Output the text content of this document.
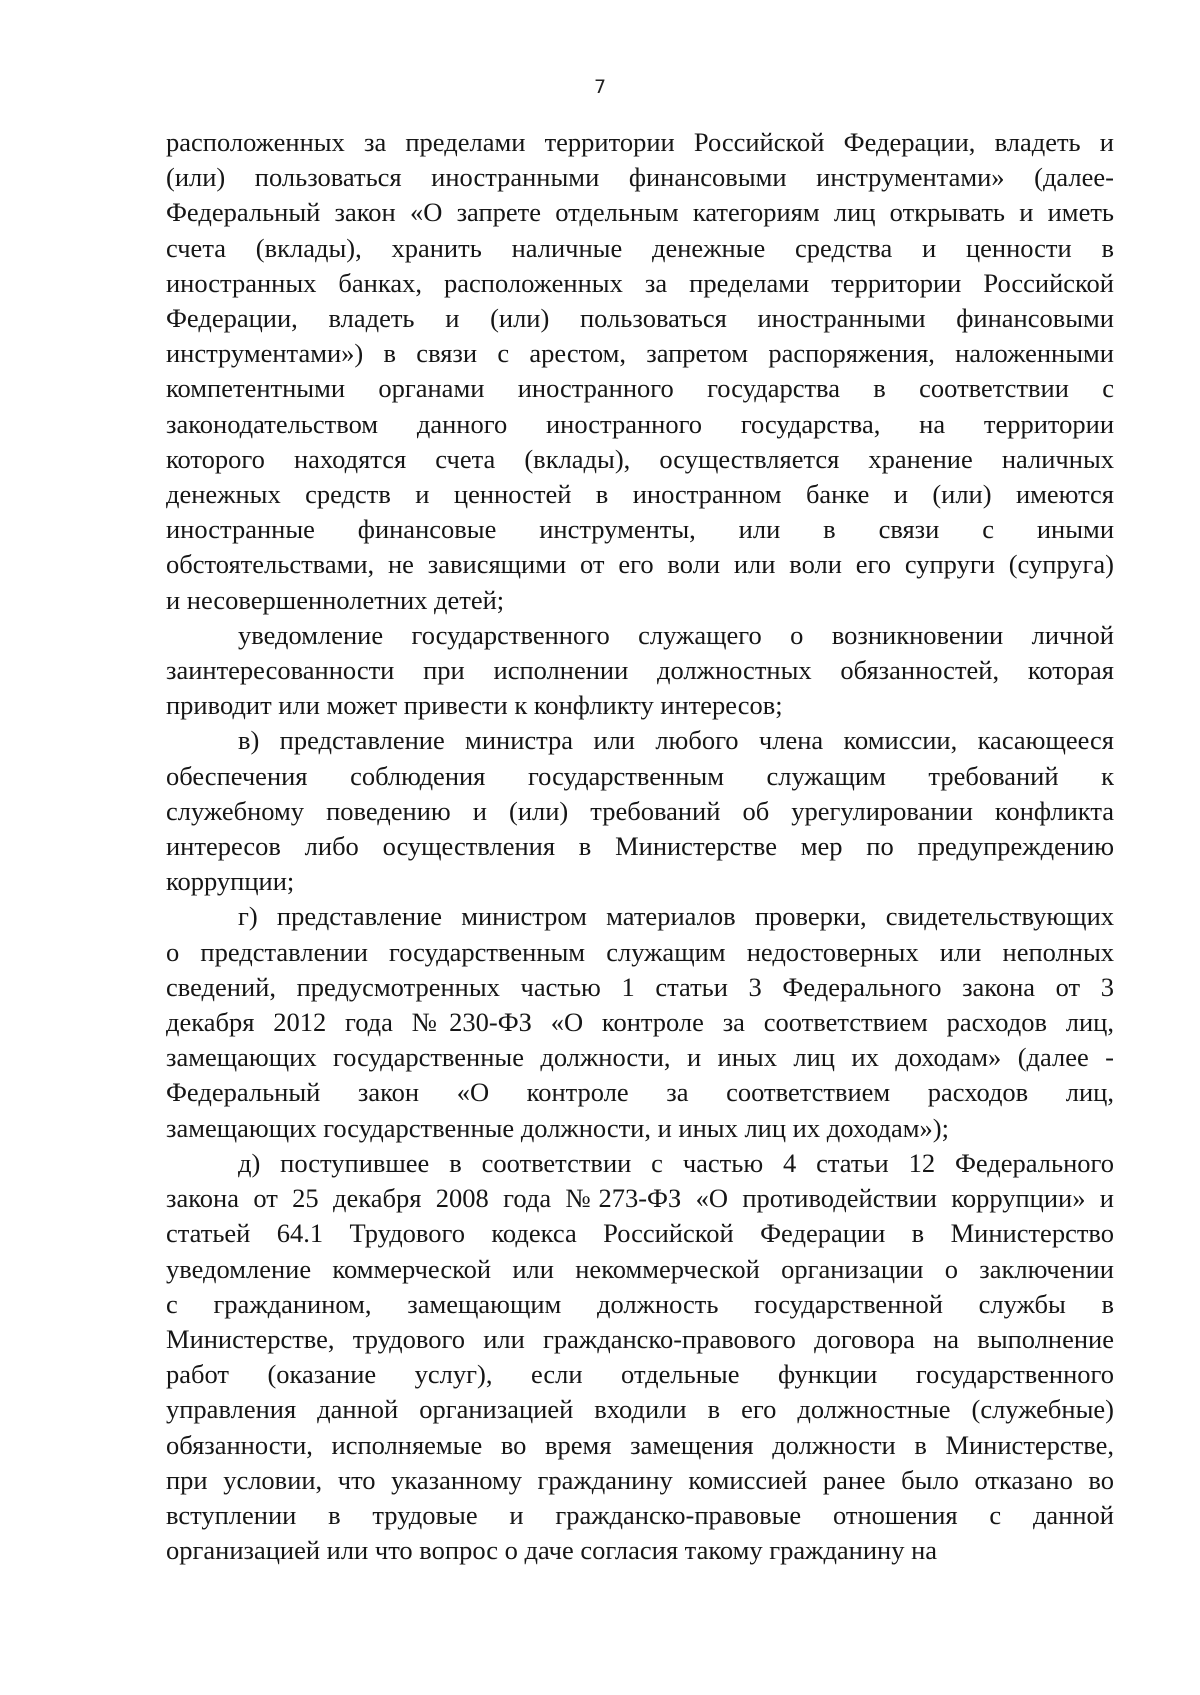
7
расположенных за пределами территории Российской Федерации, владеть и
(или) пользоваться иностранными финансовыми инструментами» (далее-
Федеральный закон «О запрете отдельным категориям лиц открывать и иметь
счета (вклады), хранить наличные денежные средства и ценности в
иностранных банках, расположенных за пределами территории Российской
Федерации, владеть и (или) пользоваться иностранными финансовыми
инструментами») в связи с арестом, запретом распоряжения, наложенными
компетентными органами иностранного государства в соответствии с
законодательством данного иностранного государства, на территории
которого находятся счета (вклады), осуществляется хранение наличных
денежных средств и ценностей в иностранном банке и (или) имеются
иностранные финансовые инструменты, или в связи с иными
обстоятельствами, не зависящими от его воли или воли его супруги (супруга)
и несовершеннолетних детей;
уведомление государственного служащего о возникновении личной
заинтересованности при исполнении должностных обязанностей, которая
приводит или может привести к конфликту интересов;
в) представление министра или любого члена комиссии, касающееся
обеспечения соблюдения государственным служащим требований к
служебному поведению и (или) требований об урегулировании конфликта
интересов либо осуществления в Министерстве мер по предупреждению
коррупции;
г) представление министром материалов проверки, свидетельствующих
о представлении государственным служащим недостоверных или неполных
сведений, предусмотренных частью 1 статьи 3 Федерального закона от 3
декабря 2012 года №230-ФЗ «О контроле за соответствием расходов лиц,
замещающих государственные должности, и иных лиц их доходам» (далее -
Федеральный закон «О контроле за соответствием расходов лиц,
замещающих государственные должности, и иных лиц их доходам»);
д) поступившее в соответствии с частью 4 статьи 12 Федерального
закона от 25 декабря 2008 года №273-ФЗ «О противодействии коррупции» и
статьей 64.1 Трудового кодекса Российской Федерации в Министерство
уведомление коммерческой или некоммерческой организации о заключении
с гражданином, замещающим должность государственной службы в
Министерстве, трудового или гражданско-правового договора на выполнение
работ (оказание услуг), если отдельные функции государственного
управления данной организацией входили в его должностные (служебные)
обязанности, исполняемые во время замещения должности в Министерстве,
при условии, что указанному гражданину комиссией ранее было отказано во
вступлении в трудовые и гражданско-правовые отношения с данной
организацией или что вопрос о даче согласия такому гражданину на
